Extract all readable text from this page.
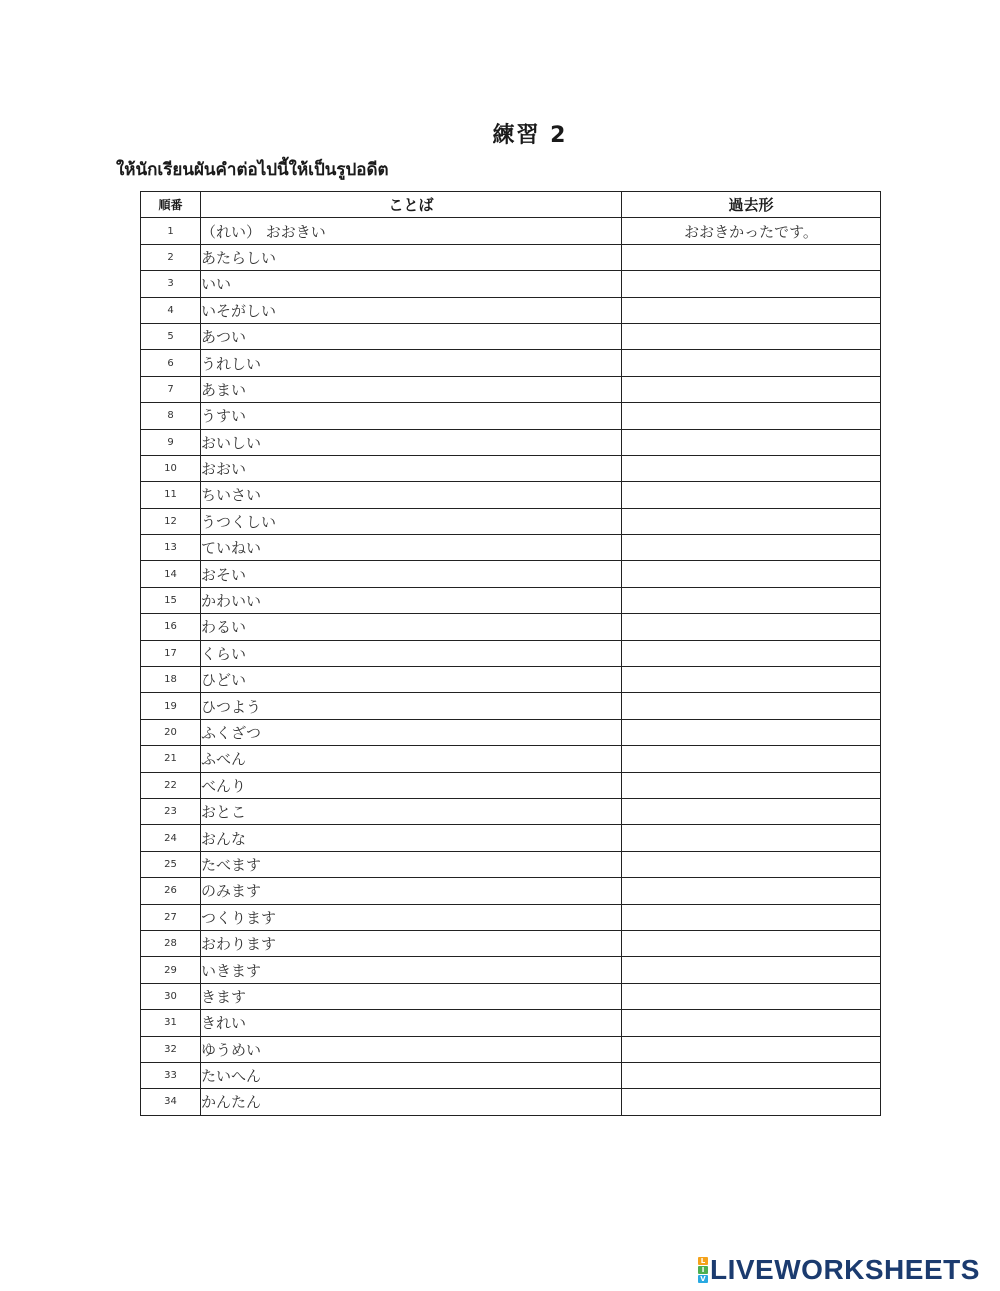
練習 2
ให้นักเรียนผันคำต่อไปนี้ให้เป็นรูปอดีต
順番	ことば	過去形
1	（れい） おおきい	おおきかったです。
2	あたらしい	
3	いい	
4	いそがしい	
5	あつい	
6	うれしい	
7	あまい	
8	うすい	
9	おいしい	
10	おおい	
11	ちいさい	
12	うつくしい	
13	ていねい	
14	おそい	
15	かわいい	
16	わるい	
17	くらい	
18	ひどい	
19	ひつよう	
20	ふくざつ	
21	ふべん	
22	べんり	
23	おとこ	
24	おんな	
25	たべます	
26	のみます	
27	つくります	
28	おわります	
29	いきます	
30	きます	
31	きれい	
32	ゆうめい	
33	たいへん	
34	かんたん	
L
I
V LIVEWORKSHEETS
